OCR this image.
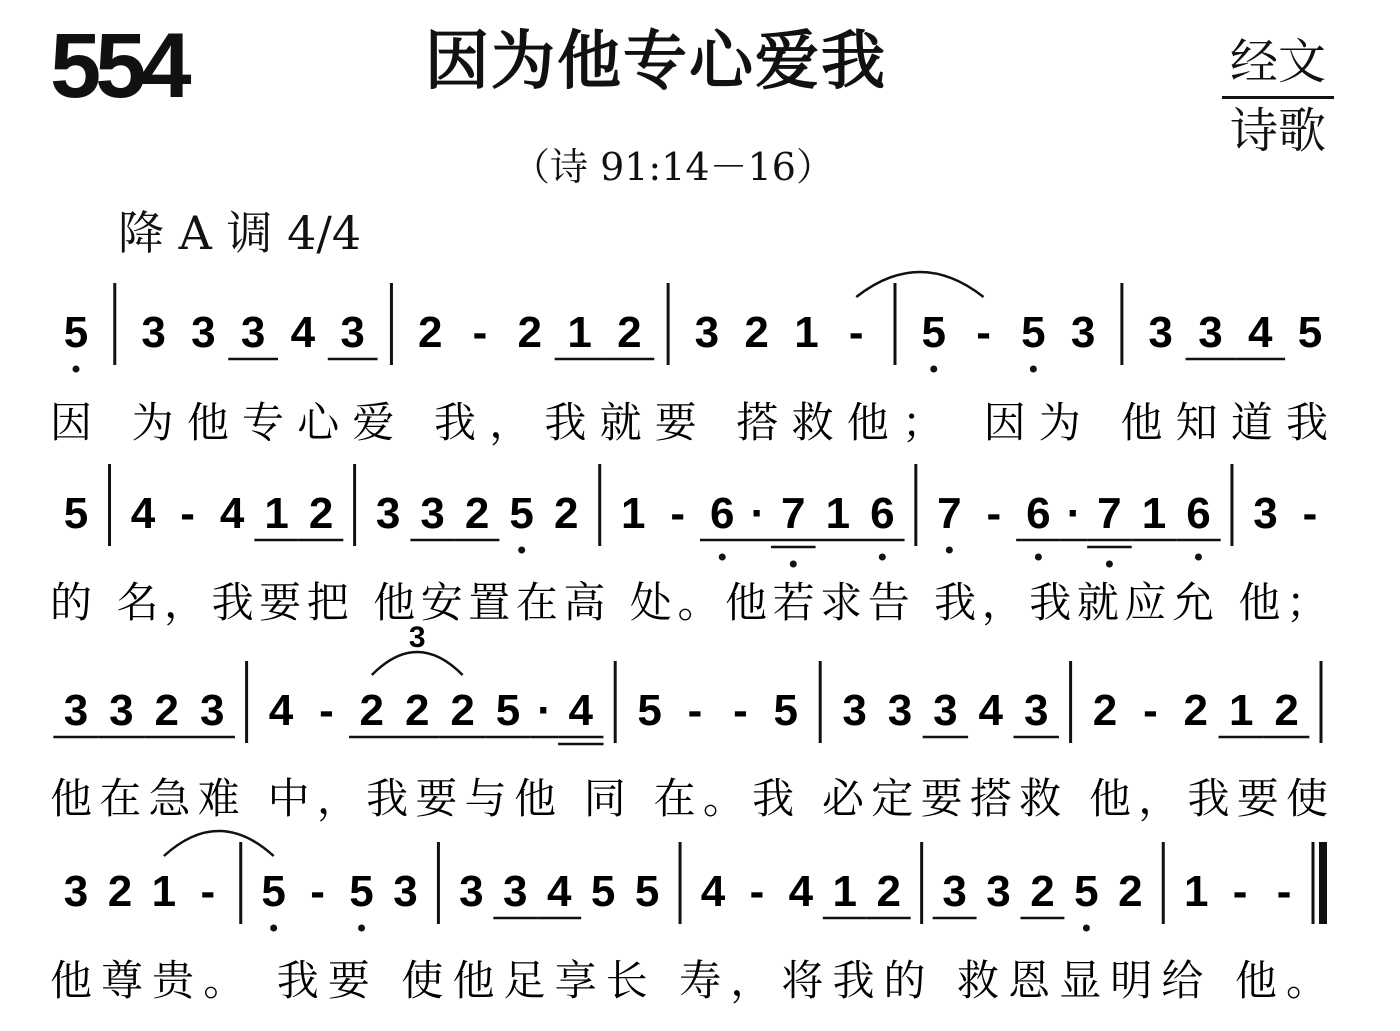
554	因为他专心爱我
（诗 91:14－16）
经文
诗歌
降 A 调 4/4
5 3 3 3 4 3 2 - 2 1 2 3 2 1 - 5 - 5 3 3 3 4 5
因 为他专心爱 我，我就要 搭救他； 因为 他知道我
5 4 - 4 1 2 3 3 2 5 2 1 - 6 · 7 1 6 7 - 6 · 7 1 6 3 -
的 名，我要把 他安置在高 处。他若求告 我，我就应允 他；
3 3 2 3 4 - 2 2 2 5 · 4 5 - - 5 3 3 3 4 3 2 - 2 1 2
3
他在急难 中，我要与他 同 在。我 必定要搭救 他，我要使
3 2 1 - 5 - 5 3 3 3 4 5 5 4 - 4 1 2 3 3 2 5 2 1 - -
他尊贵。 我要 使他足享长 寿，将我的 救恩显明给 他。
